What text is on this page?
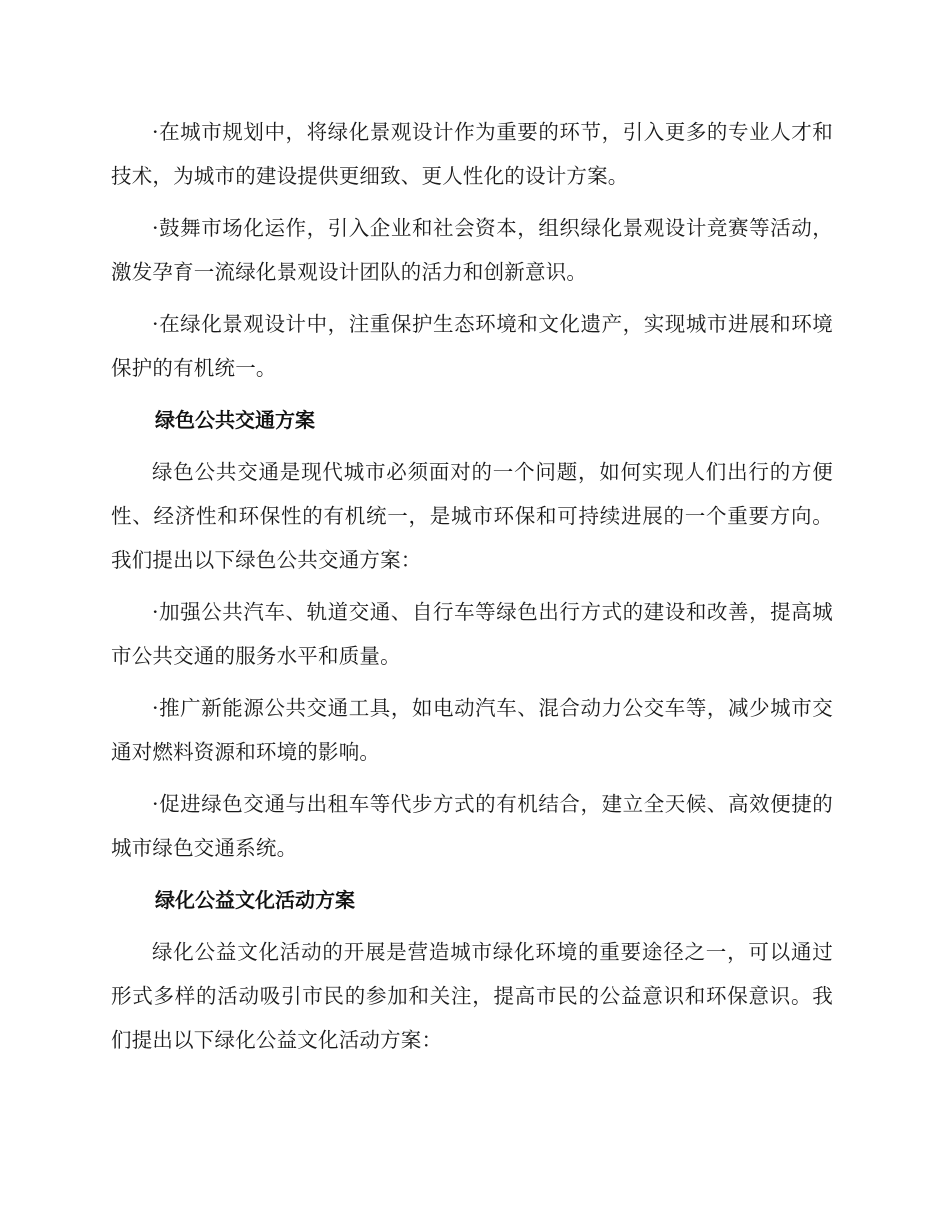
·在城市规划中，将绿化景观设计作为重要的环节，引入更多的专业人才和技术，为城市的建设提供更细致、更人性化的设计方案。

·鼓舞市场化运作，引入企业和社会资本，组织绿化景观设计竞赛等活动，激发孕育一流绿化景观设计团队的活力和创新意识。

·在绿化景观设计中，注重保护生态环境和文化遗产，实现城市进展和环境保护的有机统一。

绿色公共交通方案

绿色公共交通是现代城市必须面对的一个问题，如何实现人们出行的方便性、经济性和环保性的有机统一，是城市环保和可持续进展的一个重要方向。我们提出以下绿色公共交通方案：

·加强公共汽车、轨道交通、自行车等绿色出行方式的建设和改善，提高城市公共交通的服务水平和质量。

·推广新能源公共交通工具，如电动汽车、混合动力公交车等，减少城市交通对燃料资源和环境的影响。

·促进绿色交通与出租车等代步方式的有机结合，建立全天候、高效便捷的城市绿色交通系统。

绿化公益文化活动方案

绿化公益文化活动的开展是营造城市绿化环境的重要途径之一，可以通过形式多样的活动吸引市民的参加和关注，提高市民的公益意识和环保意识。我们提出以下绿化公益文化活动方案：
